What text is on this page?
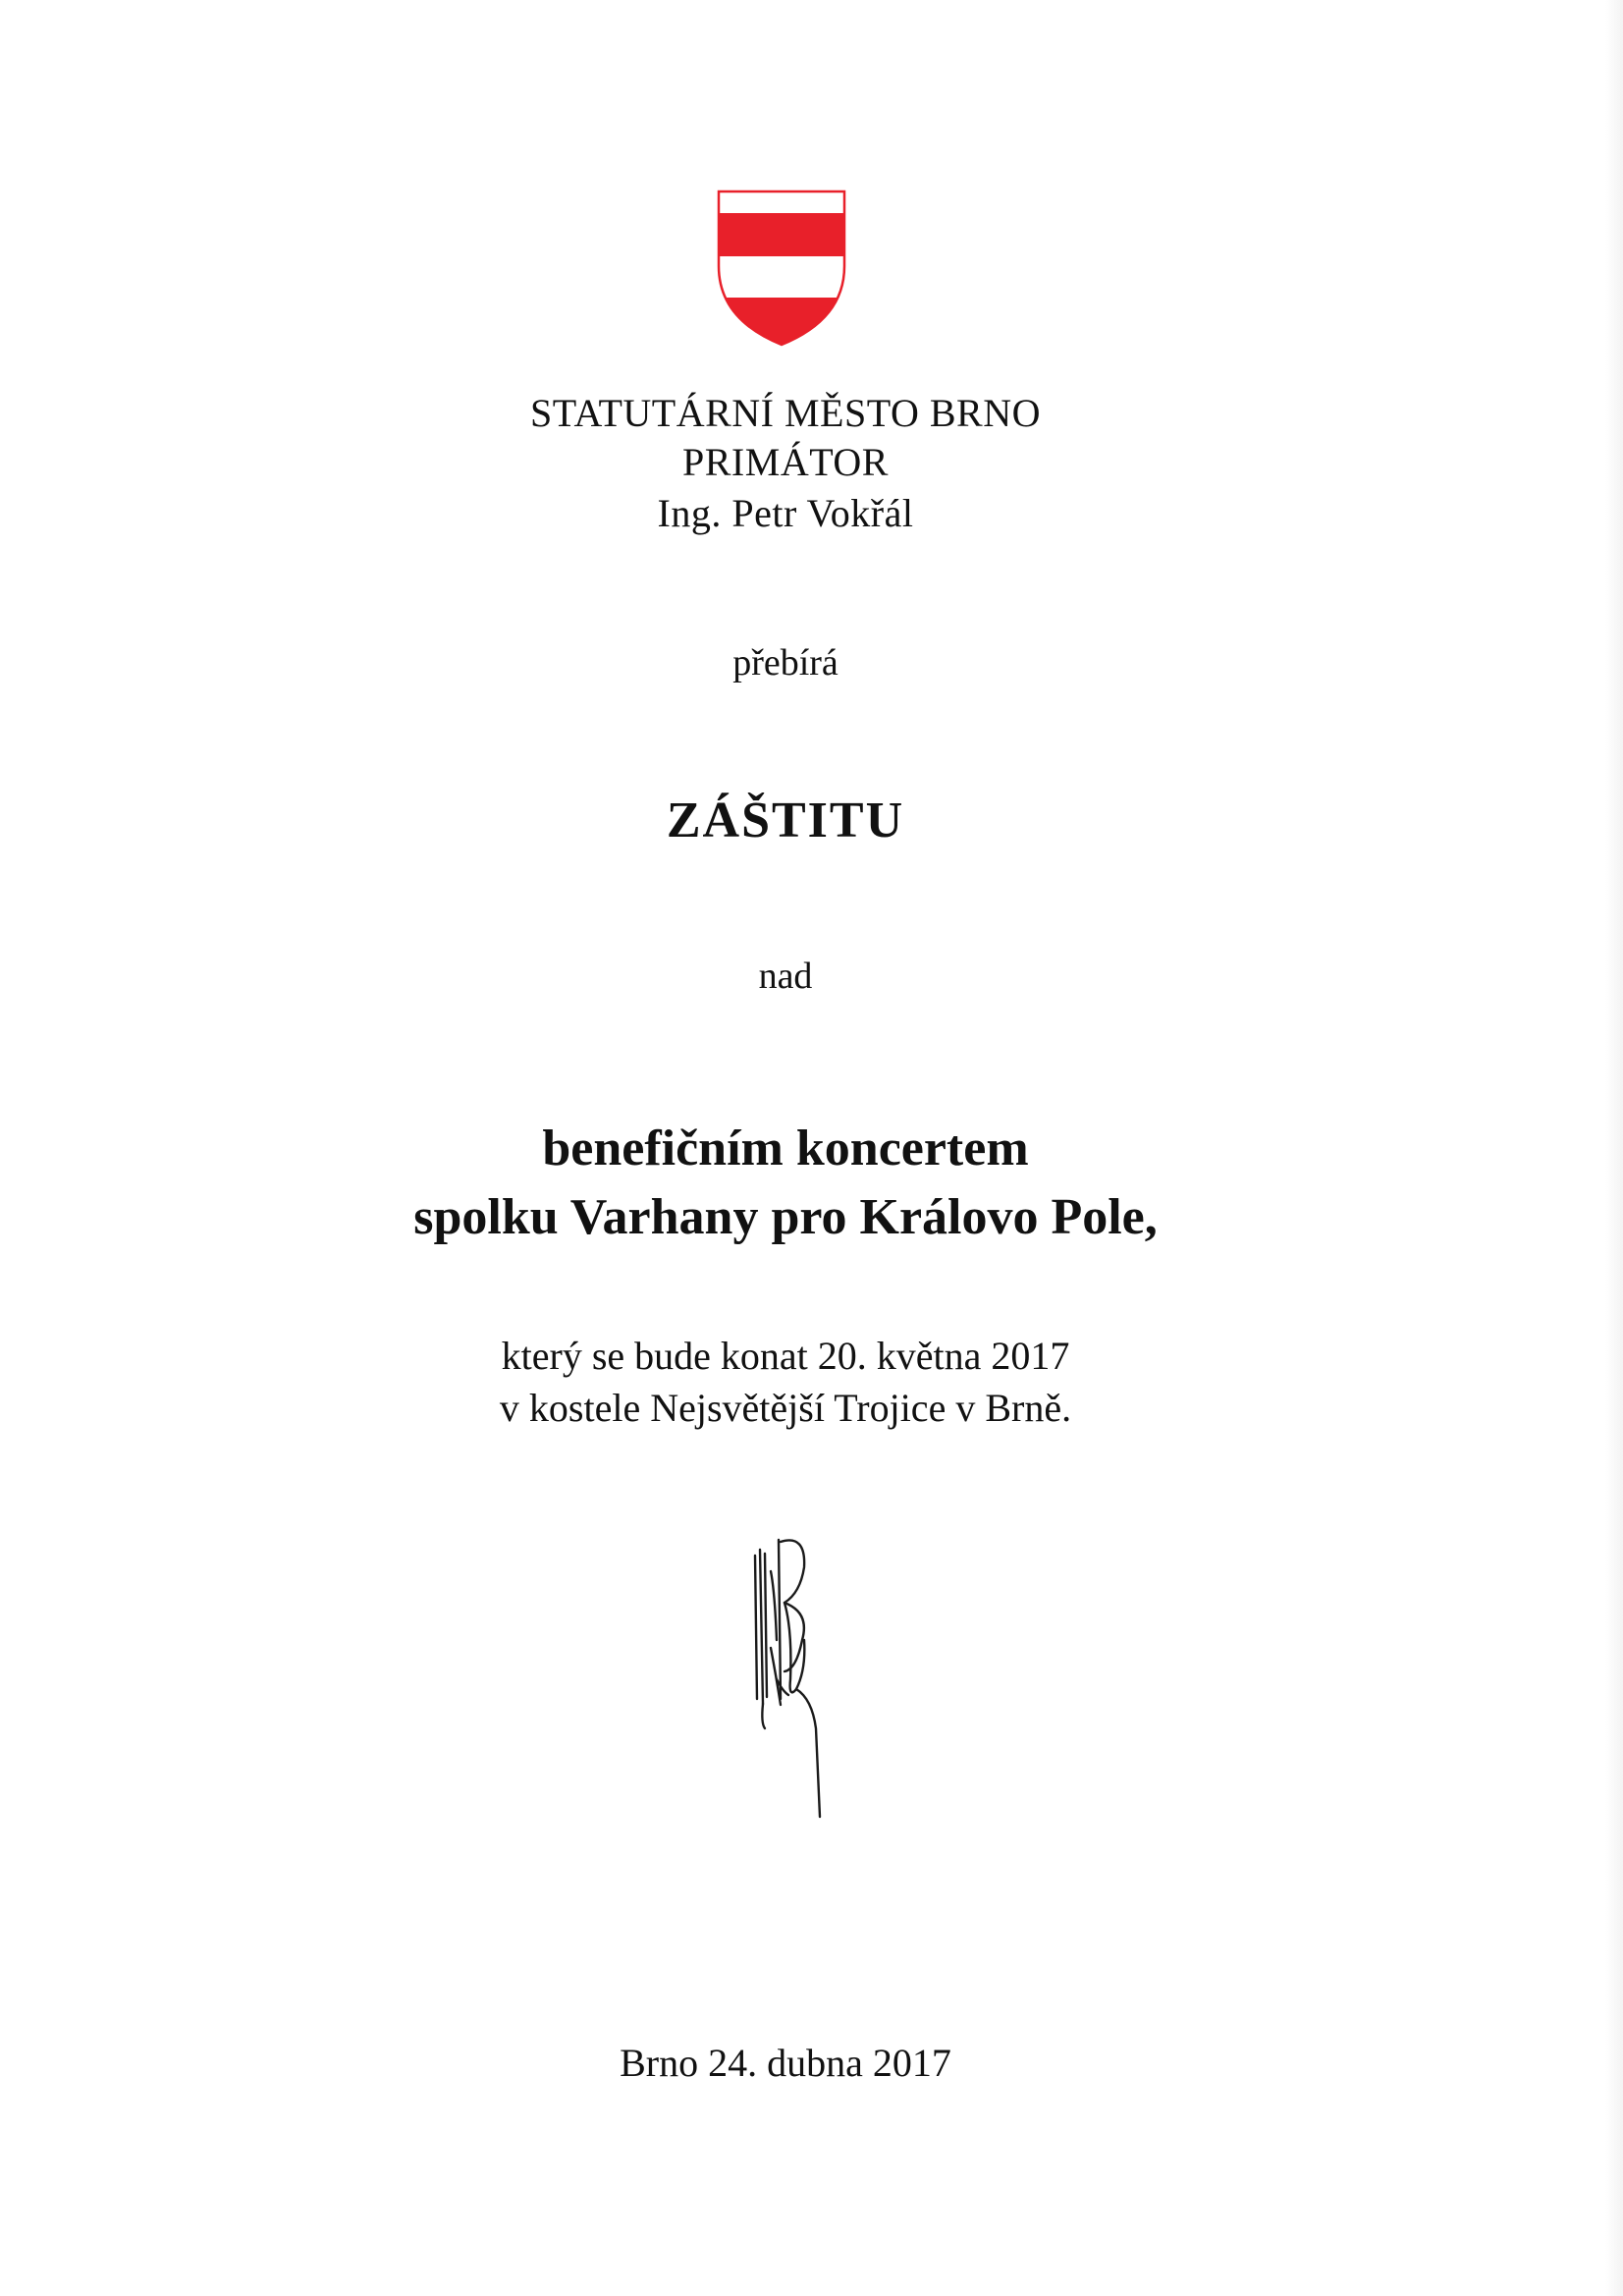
STATUTÁRNÍ MĚSTO BRNO
PRIMÁTOR
Ing. Petr Vokřál
přebírá
ZÁŠTITU
nad
benefičním koncertem
spolku Varhany pro Královo Pole,
který se bude konat 20. května 2017
v kostele Nejsvětější Trojice v Brně.
Brno 24. dubna 2017
